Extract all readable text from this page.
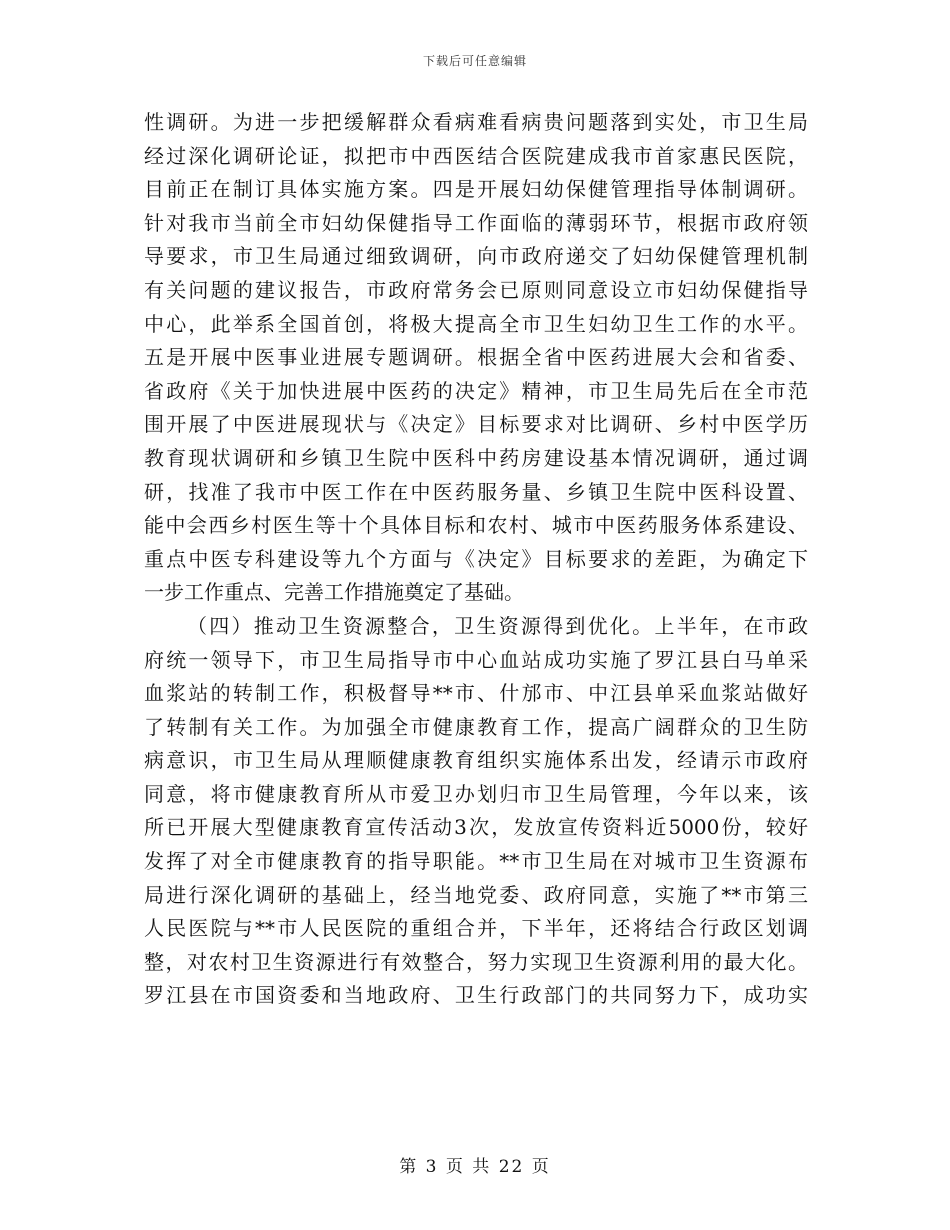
下载后可任意编辑
性调研。为进一步把缓解群众看病难看病贵问题落到实处，市卫生局
经过深化调研论证，拟把市中西医结合医院建成我市首家惠民医院，
目前正在制订具体实施方案。四是开展妇幼保健管理指导体制调研。
针对我市当前全市妇幼保健指导工作面临的薄弱环节，根据市政府领
导要求，市卫生局通过细致调研，向市政府递交了妇幼保健管理机制
有关问题的建议报告，市政府常务会已原则同意设立市妇幼保健指导
中心，此举系全国首创，将极大提高全市卫生妇幼卫生工作的水平。
五是开展中医事业进展专题调研。根据全省中医药进展大会和省委、
省政府《关于加快进展中医药的决定》精神，市卫生局先后在全市范
围开展了中医进展现状与《决定》目标要求对比调研、乡村中医学历
教育现状调研和乡镇卫生院中医科中药房建设基本情况调研，通过调
研，找准了我市中医工作在中医药服务量、乡镇卫生院中医科设置、
能中会西乡村医生等十个具体目标和农村、城市中医药服务体系建设、
重点中医专科建设等九个方面与《决定》目标要求的差距，为确定下
一步工作重点、完善工作措施奠定了基础。
（四）推动卫生资源整合，卫生资源得到优化。上半年，在市政
府统一领导下，市卫生局指导市中心血站成功实施了罗江县白马单采
血浆站的转制工作，积极督导**市、什邡市、中江县单采血浆站做好
了转制有关工作。为加强全市健康教育工作，提高广阔群众的卫生防
病意识，市卫生局从理顺健康教育组织实施体系出发，经请示市政府
同意，将市健康教育所从市爱卫办划归市卫生局管理，今年以来，该
所已开展大型健康教育宣传活动3次，发放宣传资料近5000份，较好
发挥了对全市健康教育的指导职能。**市卫生局在对城市卫生资源布
局进行深化调研的基础上，经当地党委、政府同意，实施了**市第三
人民医院与**市人民医院的重组合并，下半年，还将结合行政区划调
整，对农村卫生资源进行有效整合，努力实现卫生资源利用的最大化。
罗江县在市国资委和当地政府、卫生行政部门的共同努力下，成功实
第 3 页 共 22 页
